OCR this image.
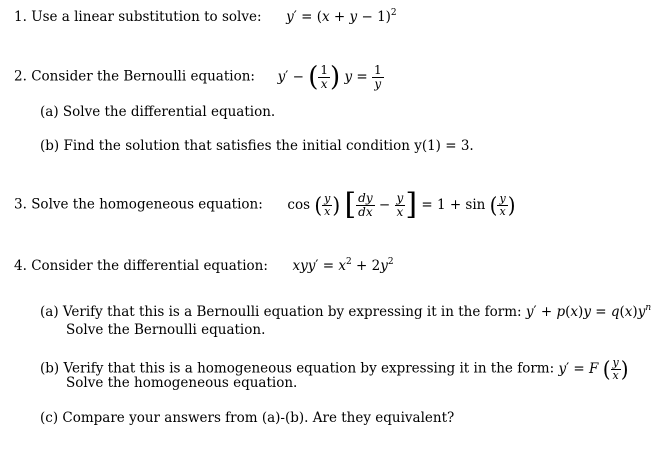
1. Use a linear substitution to solve: $y' = (x + y - 1)^2$
2. Consider the Bernoulli equation: y′ − ( $\frac{1}{x}$ ) $y = \frac{1}{y}$
(a) Solve the differential equation.
(b) Find the solution that satisfies the initial condition y(1) = 3.
3. Solve the homogeneous equation:  cos ( $\frac{y}{x}$ ) [ $\frac{dy}{dx} - \frac{y}{x}$ ] = 1 + sin ( $\frac{y}{x}$ )
4. Consider the differential equation: $xyy' = x^2 + 2y^2$
(a) Verify that this is a Bernoulli equation by expressing it in the form: $y' + p(x)y = q(x)y^n$
Solve the Bernoulli equation.
(b) Verify that this is a homogeneous equation by expressing it in the form: y′ = F ( $\frac{y}{x}$ )
Solve the homogeneous equation.
(c) Compare your answers from (a)-(b). Are they equivalent?
